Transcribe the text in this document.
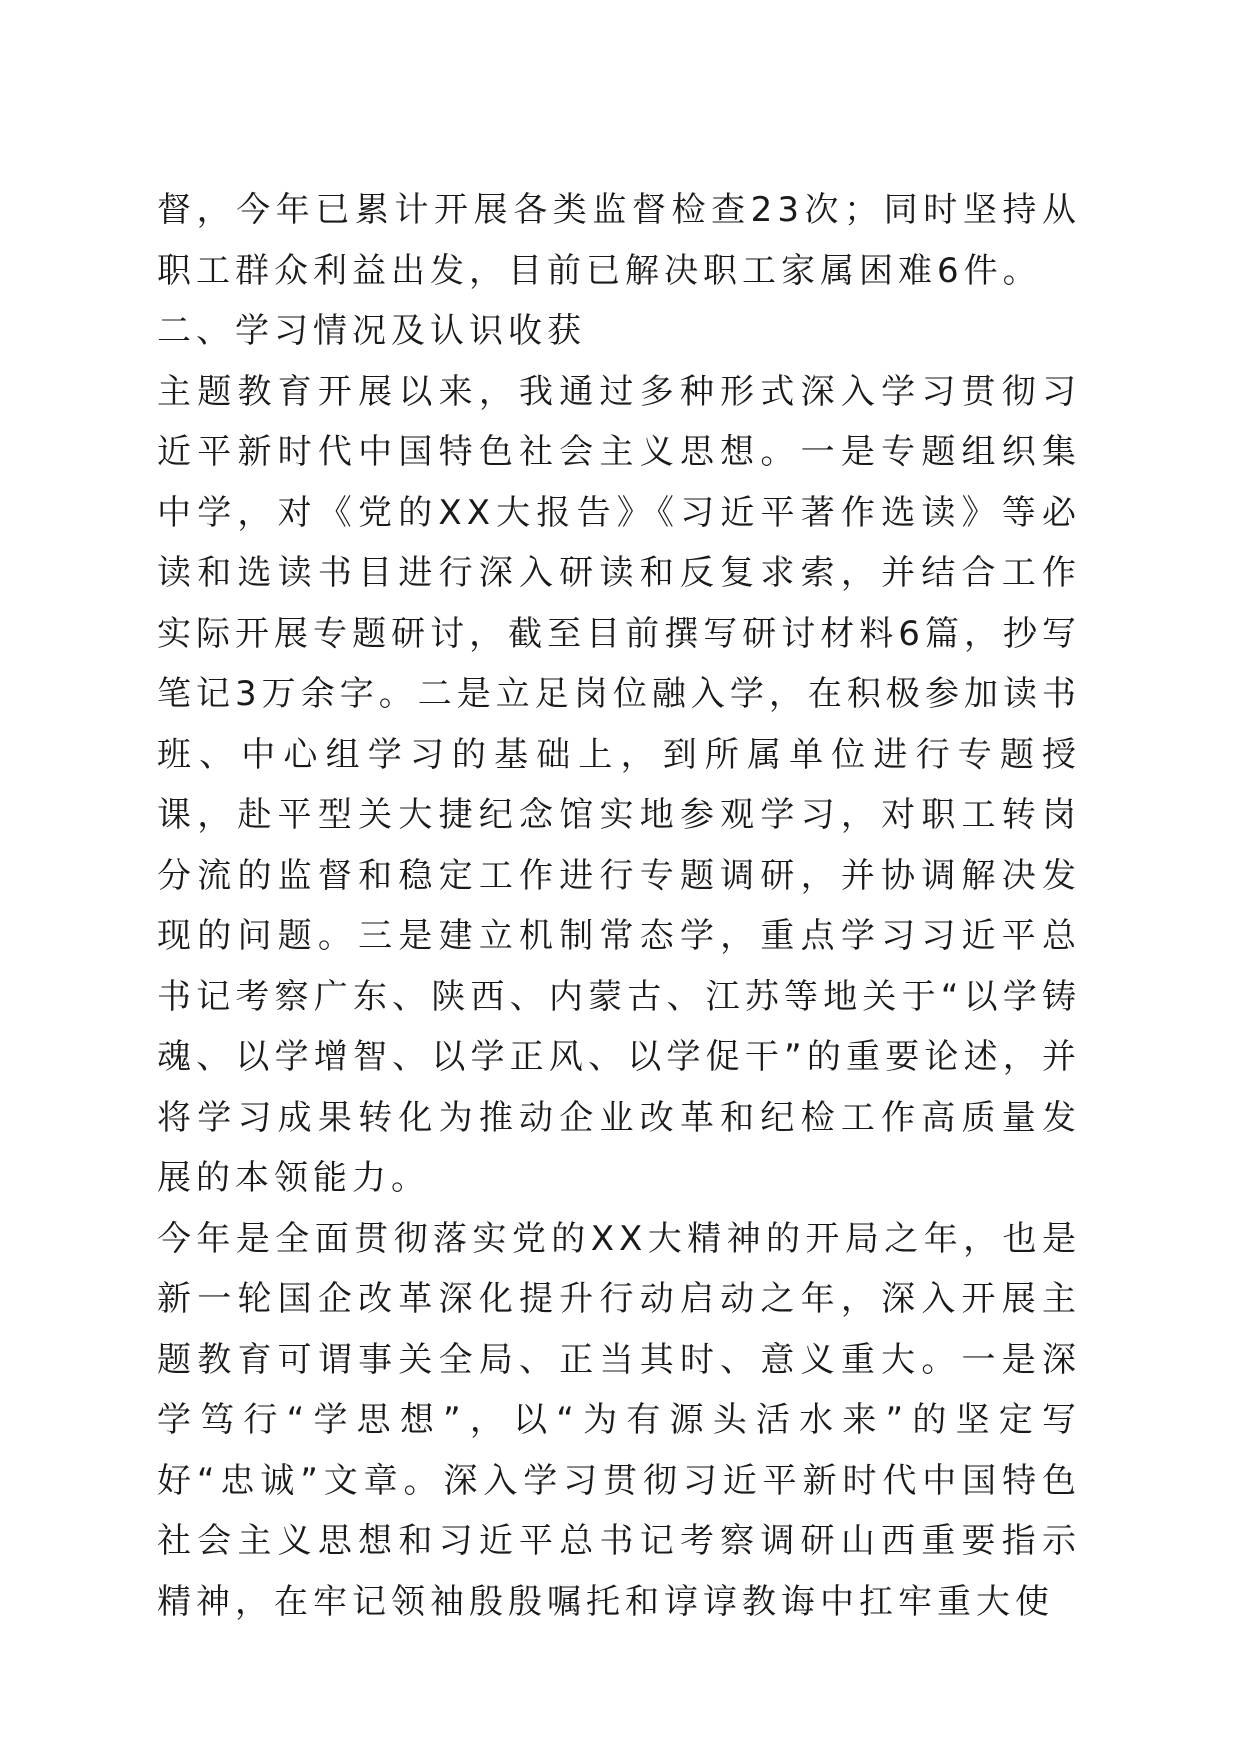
督，今年已累计开展各类监督检查23次；同时坚持从职工群众利益出发，目前已解决职工家属困难6件。

二、学习情况及认识收获

主题教育开展以来，我通过多种形式深入学习贯彻习近平新时代中国特色社会主义思想。一是专题组织集中学，对《党的XX大报告》《习近平著作选读》等必读和选读书目进行深入研读和反复求索，并结合工作实际开展专题研讨，截至目前撰写研讨材料6篇，抄写笔记3万余字。二是立足岗位融入学，在积极参加读书班、中心组学习的基础上，到所属单位进行专题授课，赴平型关大捷纪念馆实地参观学习，对职工转岗分流的监督和稳定工作进行专题调研，并协调解决发现的问题。三是建立机制常态学，重点学习习近平总书记考察广东、陕西、内蒙古、江苏等地关于“以学铸魂、以学增智、以学正风、以学促干”的重要论述，并将学习成果转化为推动企业改革和纪检工作高质量发展的本领能力。

今年是全面贯彻落实党的XX大精神的开局之年，也是新一轮国企改革深化提升行动启动之年，深入开展主题教育可谓事关全局、正当其时、意义重大。一是深学笃行“学思想”，以“为有源头活水来”的坚定写好“忠诚”文章。深入学习贯彻习近平新时代中国特色社会主义思想和习近平总书记考察调研山西重要指示精神，在牢记领袖殷殷嘱托和谆谆教诲中扛牢重大使
